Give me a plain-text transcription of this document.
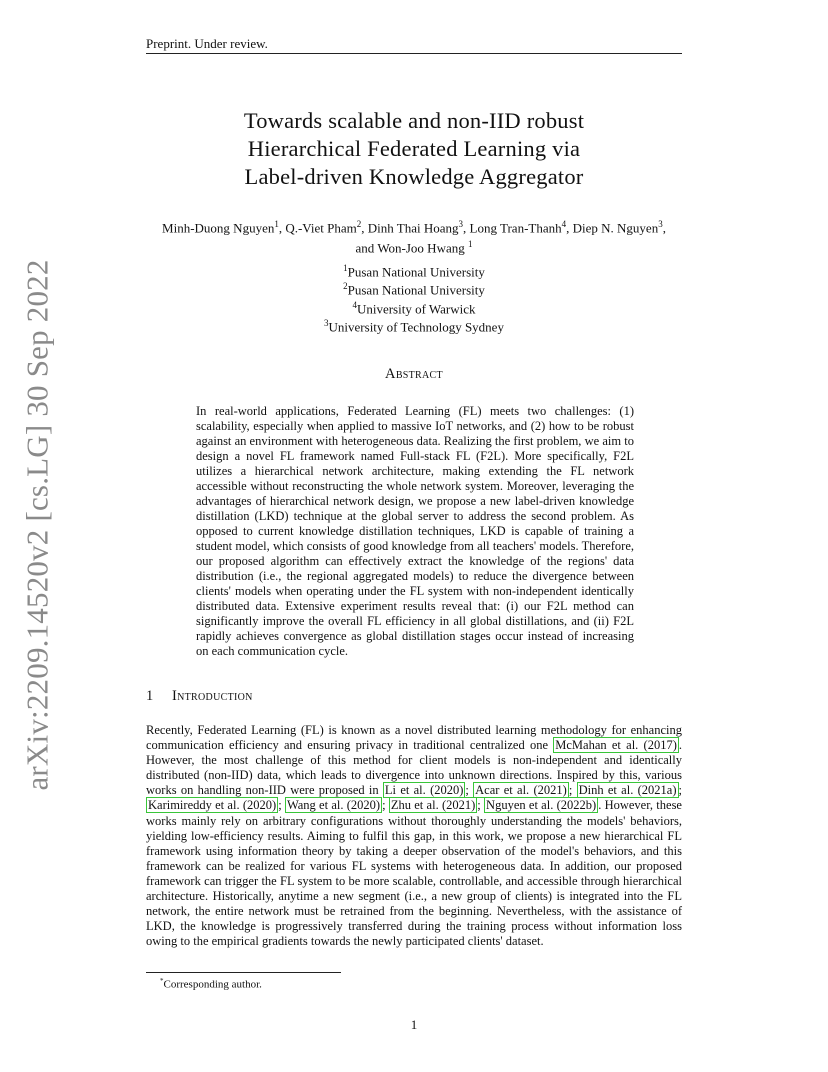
arXiv:2209.14520v2 [cs.LG] 30 Sep 2022
Preprint. Under review.
Towards scalable and non-IID robust
Hierarchical Federated Learning via
Label-driven Knowledge Aggregator
Minh-Duong Nguyen$^1$, Q.-Viet Pham$^2$, Dinh Thai Hoang$^3$, Long Tran-Thanh$^4$, Diep N. Nguyen$^3$,
and Won-Joo Hwang $^1$
$^1$Pusan National University
$^2$Pusan National University
$^4$University of Warwick
$^3$University of Technology Sydney
Abstract
In real-world applications, Federated Learning (FL) meets two challenges: (1) scalability, especially when applied to massive IoT networks, and (2) how to be robust against an environment with heterogeneous data. Realizing the first problem, we aim to design a novel FL framework named Full-stack FL (F2L). More specifically, F2L utilizes a hierarchical network architecture, making extending the FL network accessible without reconstructing the whole network system. Moreover, leveraging the advantages of hierarchical network design, we propose a new label-driven knowledge distillation (LKD) technique at the global server to address the second problem. As opposed to current knowledge distillation techniques, LKD is capable of training a student model, which consists of good knowledge from all teachers' models. Therefore, our proposed algorithm can effectively extract the knowledge of the regions' data distribution (i.e., the regional aggregated models) to reduce the divergence between clients' models when operating under the FL system with non-independent identically distributed data. Extensive experiment results reveal that: (i) our F2L method can significantly improve the overall FL efficiency in all global distillations, and (ii) F2L rapidly achieves convergence as global distillation stages occur instead of increasing on each communication cycle.
1 Introduction
Recently, Federated Learning (FL) is known as a novel distributed learning methodology for enhancing communication efficiency and ensuring privacy in traditional centralized one McMahan et al. (2017) . However, the most challenge of this method for client models is non-independent and identically distributed (non-IID) data, which leads to divergence into unknown directions. Inspired by this, various works on handling non-IID were proposed in Li et al. (2020) ; Acar et al. (2021) ; Dinh et al. (2021a) ; Karimireddy et al. (2020) ; Wang et al. (2020) ; Zhu et al. (2021) ; Nguyen et al. (2022b) . However, these works mainly rely on arbitrary configurations without thoroughly understanding the models' behaviors, yielding low-efficiency results. Aiming to fulfil this gap, in this work, we propose a new hierarchical FL framework using information theory by taking a deeper observation of the model's behaviors, and this framework can be realized for various FL systems with heterogeneous data. In addition, our proposed framework can trigger the FL system to be more scalable, controllable, and accessible through hierarchical architecture. Historically, anytime a new segment (i.e., a new group of clients) is integrated into the FL network, the entire network must be retrained from the beginning. Nevertheless, with the assistance of LKD, the knowledge is progressively transferred during the training process without information loss owing to the empirical gradients towards the newly participated clients' dataset.
*Corresponding author.
1
